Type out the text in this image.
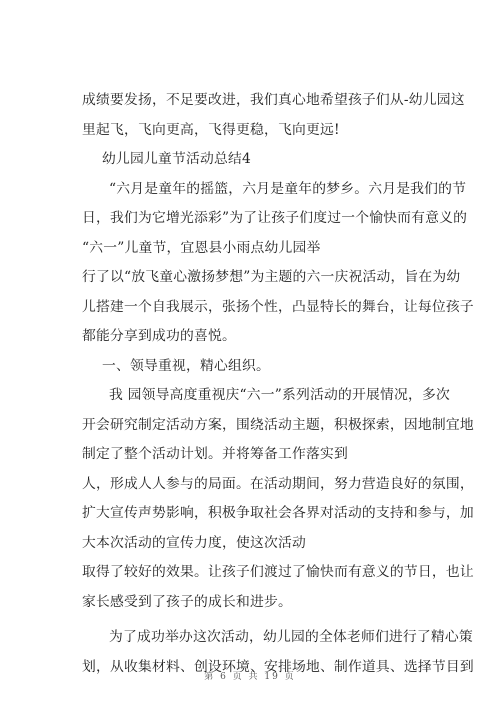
成绩要发扬，不足要改进，我们真心地希望孩子们从-幼儿园这
里起飞，飞向更高，飞得更稳，飞向更远!
幼儿园儿童节活动总结4
“六月是童年的摇篮，六月是童年的梦乡。六月是我们的节
日，我们为它增光添彩”为了让孩子们度过一个愉快而有意义的
“六一”儿童节，宜恩县小雨点幼儿园举
行了以“放飞童心激扬梦想”为主题的六一庆祝活动，旨在为幼
儿搭建一个自我展示，张扬个性，凸显特长的舞台，让每位孩子
都能分享到成功的喜悦。
一、领导重视，精心组织。
我 园领导高度重视庆“六一”系列活动的开展情况，多次
开会研究制定活动方案，围绕活动主题，积极探索，因地制宜地
制定了整个活动计划。并将筹备工作落实到
人，形成人人参与的局面。在活动期间，努力营造良好的氛围，
扩大宣传声势影响，积极争取社会各界对活动的支持和参与，加
大本次活动的宣传力度，使这次活动
取得了较好的效果。让孩子们渡过了愉快而有意义的节日，也让
家长感受到了孩子的成长和进步。
为了成功举办这次活动，幼儿园的全体老师们进行了精心策
划，从收集材料、创设环境、安排场地、制作道具、选择节目到
第 6 页 共 19 页
